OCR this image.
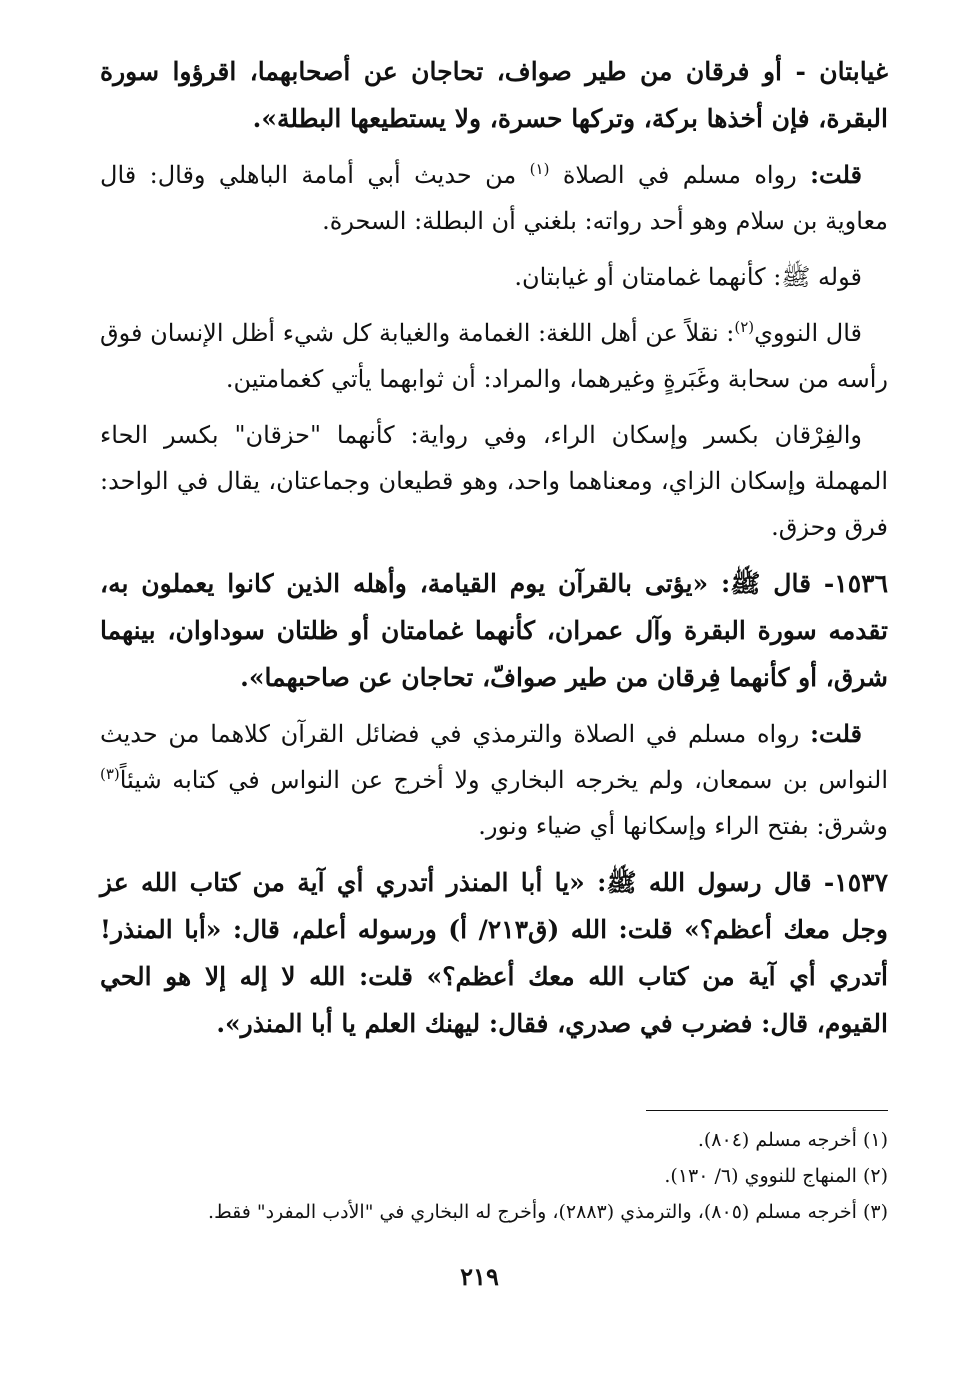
غيابتان - أو فرقان من طير صواف، تحاجان عن أصحابهما، اقرؤوا سورة البقرة، فإن أخذها بركة، وتركها حسرة، ولا يستطيعها البطلة».

قلت: رواه مسلم في الصلاة $^{(١)}$ من حديث أبي أمامة الباهلي وقال: قال معاوية بن سلام وهو أحد رواته: بلغني أن البطلة: السحرة.

قوله ﷺ: كأنهما غمامتان أو غيابتان.

قال النووي$^{(٢)}$: نقلاً عن أهل اللغة: الغمامة والغيابة كل شيء أظل الإنسان فوق رأسه من سحابة وغَبَرةٍ وغيرهما، والمراد: أن ثوابهما يأتي كغمامتين.

والفِرْقان بكسر وإسكان الراء، وفي رواية: كأنهما "حزقان" بكسر الحاء المهملة وإسكان الزاي، ومعناهما واحد، وهو قطيعان وجماعتان، يقال في الواحد: فرق وحزق.

١٥٣٦- قال ﷺ: «يؤتى بالقرآن يوم القيامة، وأهله الذين كانوا يعملون به، تقدمه سورة البقرة وآل عمران، كأنهما غمامتان أو ظلتان سوداوان، بينهما شرق، أو كأنهما فِرقان من طير صوافّ، تحاجان عن صاحبهما».

قلت: رواه مسلم في الصلاة والترمذي في فضائل القرآن كلاهما من حديث النواس بن سمعان، ولم يخرجه البخاري ولا أخرج عن النواس في كتابه شيئاً$^{(٣)}$ وشرق: بفتح الراء وإسكانها أي ضياء ونور.

١٥٣٧- قال رسول الله ﷺ: «يا أبا المنذر أتدري أي آية من كتاب الله عز وجل معك أعظم؟» قلت: الله (ق٢١٣/ أ) ورسوله أعلم، قال: «أبا المنذر! أتدري أي آية من كتاب الله معك أعظم؟» قلت: الله لا إله إلا هو الحي القيوم، قال: فضرب في صدري، فقال: ليهنك العلم يا أبا المنذر».

(١) أخرجه مسلم (٨٠٤).

(٢) المنهاج للنووي (٦/ ١٣٠).

(٣) أخرجه مسلم (٨٠٥)، والترمذي (٢٨٨٣)، وأخرج له البخاري في "الأدب المفرد" فقط.

٢١٩
